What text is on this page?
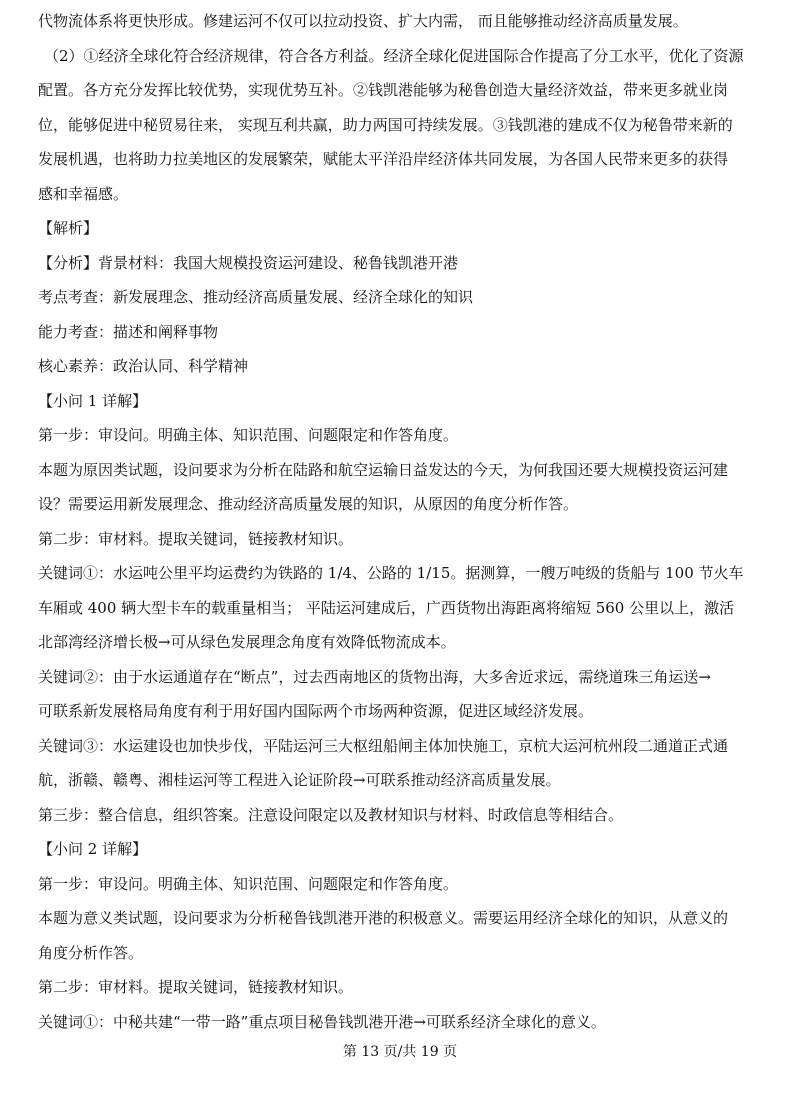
代物流体系将更快形成。修建运河不仅可以拉动投资、扩大内需， 而且能够推动经济高质量发展。
（2）①经济全球化符合经济规律，符合各方利益。经济全球化促进国际合作提高了分工水平，优化了资源
配置。各方充分发挥比较优势，实现优势互补。②钱凯港能够为秘鲁创造大量经济效益，带来更多就业岗
位，能够促进中秘贸易往来， 实现互利共赢，助力两国可持续发展。③钱凯港的建成不仅为秘鲁带来新的
发展机遇，也将助力拉美地区的发展繁荣，赋能太平洋沿岸经济体共同发展，为各国人民带来更多的获得
感和幸福感。
【解析】
【分析】背景材料：我国大规模投资运河建设、秘鲁钱凯港开港
考点考查：新发展理念、推动经济高质量发展、经济全球化的知识
能力考查：描述和阐释事物
核心素养：政治认同、科学精神
【小问 1 详解】
第一步：审设问。明确主体、知识范围、问题限定和作答角度。
本题为原因类试题，设问要求为分析在陆路和航空运输日益发达的今天，为何我国还要大规模投资运河建
设？需要运用新发展理念、推动经济高质量发展的知识，从原因的角度分析作答。
第二步：审材料。提取关键词，链接教材知识。
关键词①：水运吨公里平均运费约为铁路的 1/4、公路的 1/15。据测算，一艘万吨级的货船与 100 节火车
车厢或 400 辆大型卡车的载重量相当； 平陆运河建成后，广西货物出海距离将缩短 560 公里以上，激活
北部湾经济增长极→可从绿色发展理念角度有效降低物流成本。
关键词②：由于水运通道存在“断点”，过去西南地区的货物出海，大多舍近求远，需绕道珠三角运送→
可联系新发展格局角度有利于用好国内国际两个市场两种资源，促进区域经济发展。
关键词③：水运建设也加快步伐，平陆运河三大枢纽船闸主体加快施工，京杭大运河杭州段二通道正式通
航，浙赣、赣粤、湘桂运河等工程进入论证阶段→可联系推动经济高质量发展。
第三步：整合信息，组织答案。注意设问限定以及教材知识与材料、时政信息等相结合。
【小问 2 详解】
第一步：审设问。明确主体、知识范围、问题限定和作答角度。
本题为意义类试题，设问要求为分析秘鲁钱凯港开港的积极意义。需要运用经济全球化的知识，从意义的
角度分析作答。
第二步：审材料。提取关键词，链接教材知识。
关键词①：中秘共建“一带一路”重点项目秘鲁钱凯港开港→可联系经济全球化的意义。
第 13 页/共 19 页
